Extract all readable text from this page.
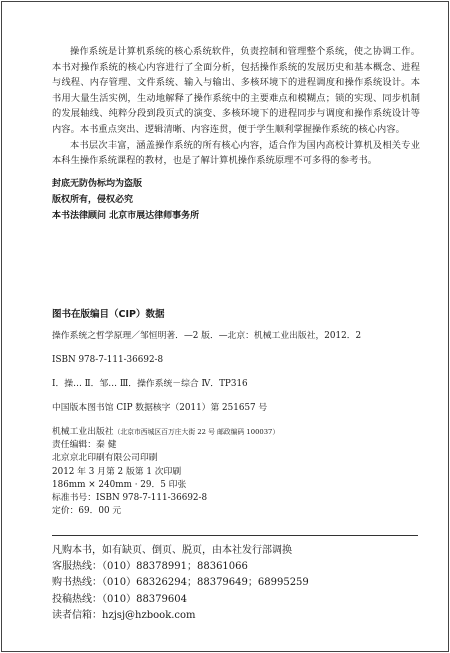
操作系统是计算机系统的核心系统软件，负责控制和管理整个系统，使之协调工作。本书对操作系统的核心内容进行了全面分析，包括操作系统的发展历史和基本概念、进程与线程、内存管理、文件系统、输入与输出、多核环境下的进程调度和操作系统设计。本书用大量生活实例，生动地解释了操作系统中的主要难点和模糊点；锁的实现、同步机制的发展轴线、纯粹分段到段页式的演变、多核环境下的进程同步与调度和操作系统设计等内容。本书重点突出、逻辑清晰、内容连贯，便于学生顺利掌握操作系统的核心内容。

本书层次丰富，涵盖操作系统的所有核心内容，适合作为国内高校计算机及相关专业本科生操作系统课程的教材，也是了解计算机操作系统原理不可多得的参考书。

封底无防伪标均为盗版
版权所有，侵权必究
本书法律顾问 北京市展达律师事务所
图书在版编目（CIP）数据
操作系统之哲学原理／邹恒明著．—2 版．—北京：机械工业出版社，2012．2
ISBN 978-7-111-36692-8
Ⅰ．操… Ⅱ．邹… Ⅲ．操作系统－综合 Ⅳ．TP316
中国版本图书馆 CIP 数据核字（2011）第 251657 号
机械工业出版社（北京市西城区百万庄大街 22 号 邮政编码 100037）
责任编辑：秦 健
北京京北印刷有限公司印刷
2012 年 3 月第 2 版第 1 次印刷
186mm × 240mm · 29．5 印张
标准书号：ISBN 978-7-111-36692-8
定价：69．00 元
凡购本书，如有缺页、倒页、脱页，由本社发行部调换
客服热线：（010）88378991；88361066
购书热线：（010）68326294；88379649；68995259
投稿热线：（010）88379604
读者信箱：hzjsj@hzbook.com
